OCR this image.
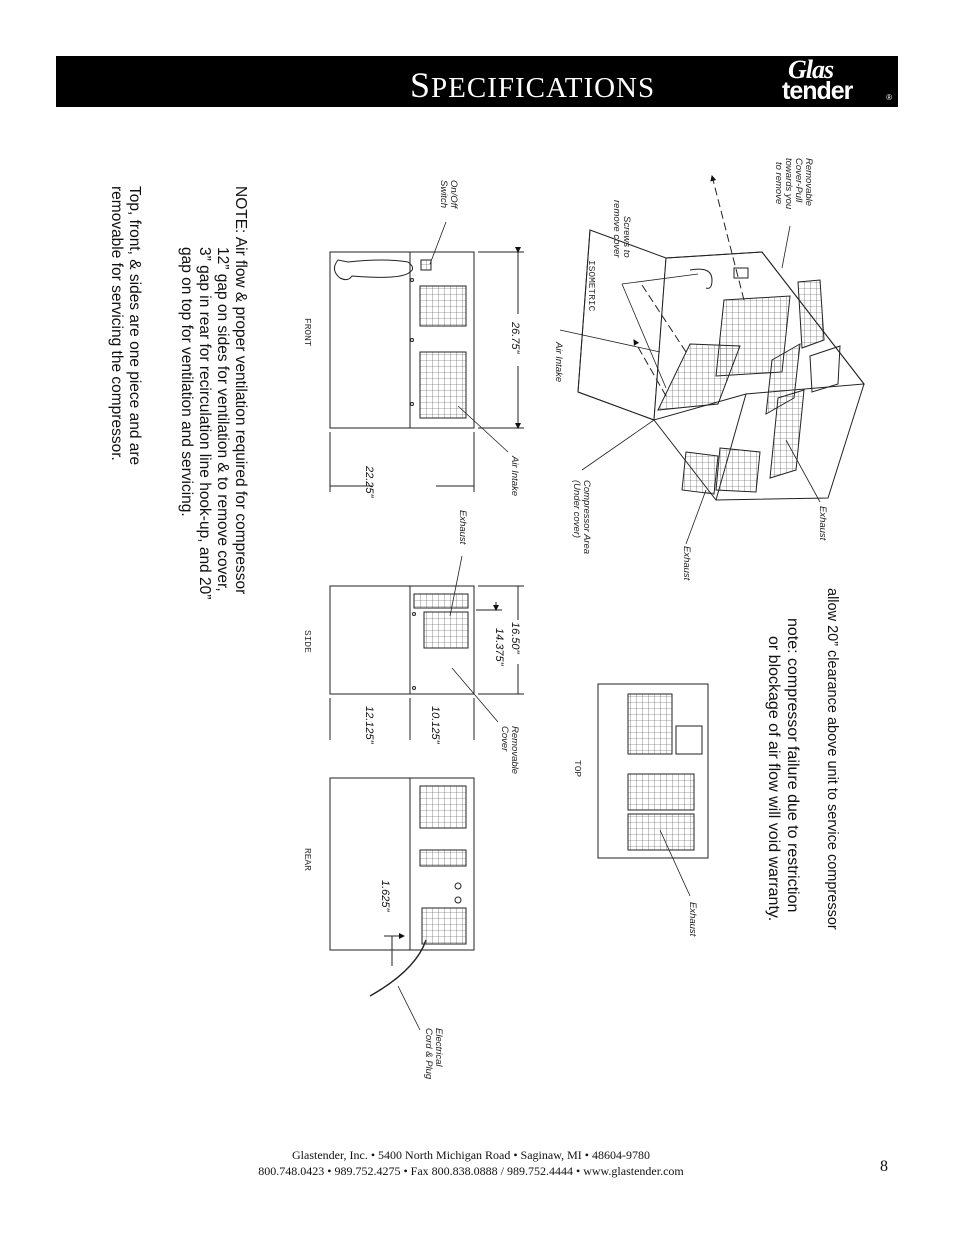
SPECIFICATIONS
Glas
tender	®
NOTE: Air flow & proper ventilation required for compressor
12” gap on sides for ventilation & to remove cover,
3” gap in rear for recirculation line hook-up, and 20”
gap on top for ventilation and servicing.
Top, front, & sides are one piece and are
removable for servicing the compressor.
allow 20” clearance above unit to service compressor
note: compressor failure due to restriction
or blockage of air flow will void warranty.
Removable
Cover-Pull
towards you
to remove
Screws to
remove cover
Air Intake
Exhaust
Compressor Area
(Under cover)
Exhaust
ISOMETRIC
FRONT	26.75"
22.25"
On/Off
Switch
Air Intake
SIDE	16.50"
14.375"
10.125"
12.125"
Exhaust
Removable
Cover
REAR
1.625"
Electrical
Cord & Plug
TOP
Exhaust
Glastender, Inc. • 5400 North Michigan Road • Saginaw, MI • 48604-9780
800.748.0423 • 989.752.4275 • Fax 800.838.0888 / 989.752.4444 • www.glastender.com	8
